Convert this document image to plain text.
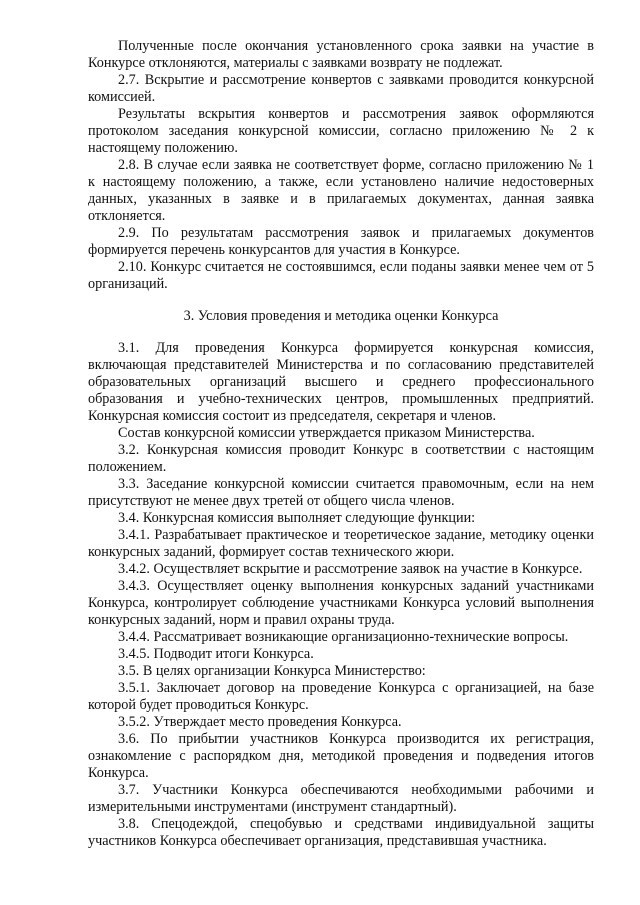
Полученные после окончания установленного срока заявки на участие в Конкурсе отклоняются, материалы с заявками возврату не подлежат.

2.7. Вскрытие и рассмотрение конвертов с заявками проводится конкурсной комиссией.

Результаты вскрытия конвертов и рассмотрения заявок оформляются протоколом заседания конкурсной комиссии, согласно приложению № 2 к настоящему положению.

2.8. В случае если заявка не соответствует форме, согласно приложению № 1 к настоящему положению, а также, если установлено наличие недостоверных данных, указанных в заявке и в прилагаемых документах, данная заявка отклоняется.

2.9. По результатам рассмотрения заявок и прилагаемых документов формируется перечень конкурсантов для участия в Конкурсе.

2.10. Конкурс считается не состоявшимся, если поданы заявки менее чем от 5 организаций.

3. Условия проведения и методика оценки Конкурса

3.1. Для проведения Конкурса формируется конкурсная комиссия, включающая представителей Министерства и по согласованию представителей образовательных организаций высшего и среднего профессионального образования и учебно-технических центров, промышленных предприятий. Конкурсная комиссия состоит из председателя, секретаря и членов.

Состав конкурсной комиссии утверждается приказом Министерства.

3.2. Конкурсная комиссия проводит Конкурс в соответствии с настоящим положением.

3.3. Заседание конкурсной комиссии считается правомочным, если на нем присутствуют не менее двух третей от общего числа членов.

3.4. Конкурсная комиссия выполняет следующие функции:

3.4.1. Разрабатывает практическое и теоретическое задание, методику оценки конкурсных заданий, формирует состав технического жюри.

3.4.2. Осуществляет вскрытие и рассмотрение заявок на участие в Конкурсе.

3.4.3. Осуществляет оценку выполнения конкурсных заданий участниками Конкурса, контролирует соблюдение участниками Конкурса условий выполнения конкурсных заданий, норм и правил охраны труда.

3.4.4. Рассматривает возникающие организационно-технические вопросы.

3.4.5. Подводит итоги Конкурса.

3.5. В целях организации Конкурса Министерство:

3.5.1. Заключает договор на проведение Конкурса с организацией, на базе которой будет проводиться Конкурс.

3.5.2. Утверждает место проведения Конкурса.

3.6. По прибытии участников Конкурса производится их регистрация, ознакомление с распорядком дня, методикой проведения и подведения итогов Конкурса.

3.7. Участники Конкурса обеспечиваются необходимыми рабочими и измерительными инструментами (инструмент стандартный).

3.8. Спецодеждой, спецобувью и средствами индивидуальной защиты участников Конкурса обеспечивает организация, представившая участника.
